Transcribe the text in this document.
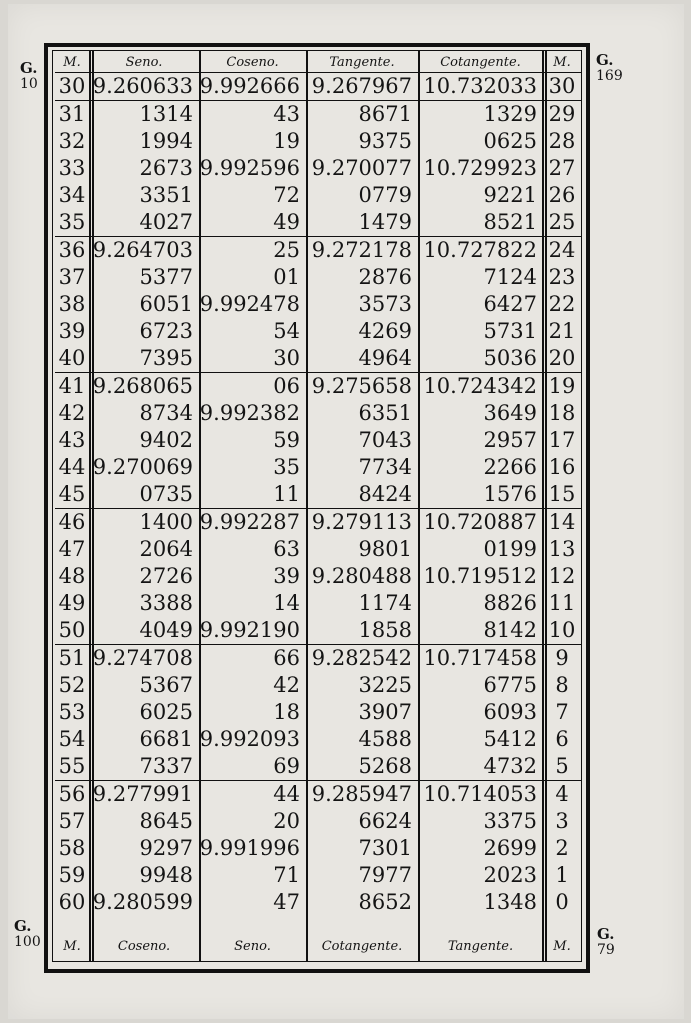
G.
10
G.
169
G.
100	G.
79
M.	Seno.	Coseno.	Tangente.	Cotangente.	M.
30 9.260633 9.992666 9.267967 10.732033 30
31	1314	43	8671	1329 29
32	1994	19	9375	0625 28
33	2673 9.992596 9.270077 10.729923 27
34	3351	72	0779	9221 26
35	4027	49	1479	8521 25
36 9.264703	25 9.272178 10.727822 24
37	5377	01	2876	7124 23
38	6051 9.992478	3573	6427 22
39	6723	54	4269	5731 21
40	7395	30	4964	5036 20
41 9.268065	06 9.275658 10.724342 19
42	8734 9.992382	6351	3649 18
43	9402	59	7043	2957 17
44 9.270069	35	7734	2266 16
45	0735	11	8424	1576 15
46	1400 9.992287 9.279113 10.720887 14
47	2064	63	9801	0199 13
48	2726	39 9.280488 10.719512 12
49	3388	14	1174	8826 11
50	4049 9.992190	1858	8142 10
51 9.274708	66 9.282542 10.717458 9
52	5367	42	3225	6775 8
53	6025	18	3907	6093 7
54	6681 9.992093	4588	5412 6
55	7337	69	5268	4732 5
56 9.277991	44 9.285947 10.714053 4
57	8645	20	6624	3375 3
58	9297 9.991996	7301	2699 2
59	9948	71	7977	2023 1
60 9.280599	47	8652	1348 0
M.	Coseno.	Seno.	Cotangente.	Tangente.	M.
